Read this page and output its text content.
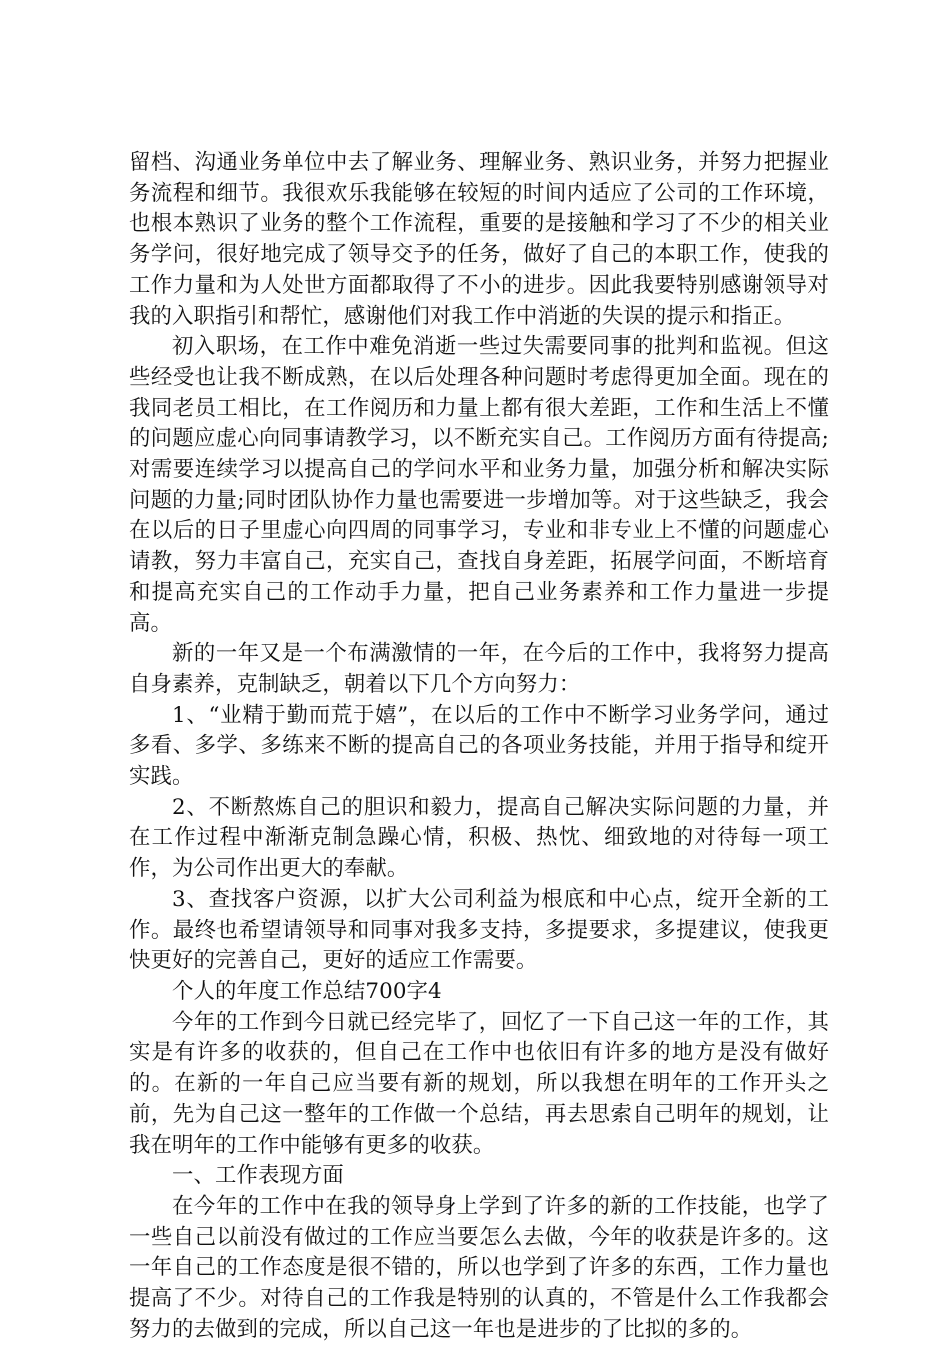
留档、沟通业务单位中去了解业务、理解业务、熟识业务，并努力把握业务流程和细节。我很欢乐我能够在较短的时间内适应了公司的工作环境，也根本熟识了业务的整个工作流程，重要的是接触和学习了不少的相关业务学问，很好地完成了领导交予的任务，做好了自己的本职工作，使我的工作力量和为人处世方面都取得了不小的进步。因此我要特别感谢领导对我的入职指引和帮忙，感谢他们对我工作中消逝的失误的提示和指正。

初入职场，在工作中难免消逝一些过失需要同事的批判和监视。但这些经受也让我不断成熟，在以后处理各种问题时考虑得更加全面。现在的我同老员工相比，在工作阅历和力量上都有很大差距，工作和生活上不懂的问题应虚心向同事请教学习，以不断充实自己。工作阅历方面有待提高;对需要连续学习以提高自己的学问水平和业务力量，加强分析和解决实际问题的力量;同时团队协作力量也需要进一步增加等。对于这些缺乏，我会在以后的日子里虚心向四周的同事学习，专业和非专业上不懂的问题虚心请教，努力丰富自己，充实自己，查找自身差距，拓展学问面，不断培育和提高充实自己的工作动手力量，把自己业务素养和工作力量进一步提高。

新的一年又是一个布满激情的一年，在今后的工作中，我将努力提高自身素养，克制缺乏，朝着以下几个方向努力：

1、“业精于勤而荒于嬉”，在以后的工作中不断学习业务学问，通过多看、多学、多练来不断的提高自己的各项业务技能，并用于指导和绽开实践。

2、不断熬炼自己的胆识和毅力，提高自己解决实际问题的力量，并在工作过程中渐渐克制急躁心情，积极、热忱、细致地的对待每一项工作，为公司作出更大的奉献。

3、查找客户资源，以扩大公司利益为根底和中心点，绽开全新的工作。最终也希望请领导和同事对我多支持，多提要求，多提建议，使我更快更好的完善自己，更好的适应工作需要。

个人的年度工作总结700字4

今年的工作到今日就已经完毕了，回忆了一下自己这一年的工作，其实是有许多的收获的，但自己在工作中也依旧有许多的地方是没有做好的。在新的一年自己应当要有新的规划，所以我想在明年的工作开头之前，先为自己这一整年的工作做一个总结，再去思索自己明年的规划，让我在明年的工作中能够有更多的收获。

一、工作表现方面

在今年的工作中在我的领导身上学到了许多的新的工作技能，也学了一些自己以前没有做过的工作应当要怎么去做，今年的收获是许多的。这一年自己的工作态度是很不错的，所以也学到了许多的东西，工作力量也提高了不少。对待自己的工作我是特别的认真的，不管是什么工作我都会努力的去做到的完成，所以自己这一年也是进步的了比拟的多的。
